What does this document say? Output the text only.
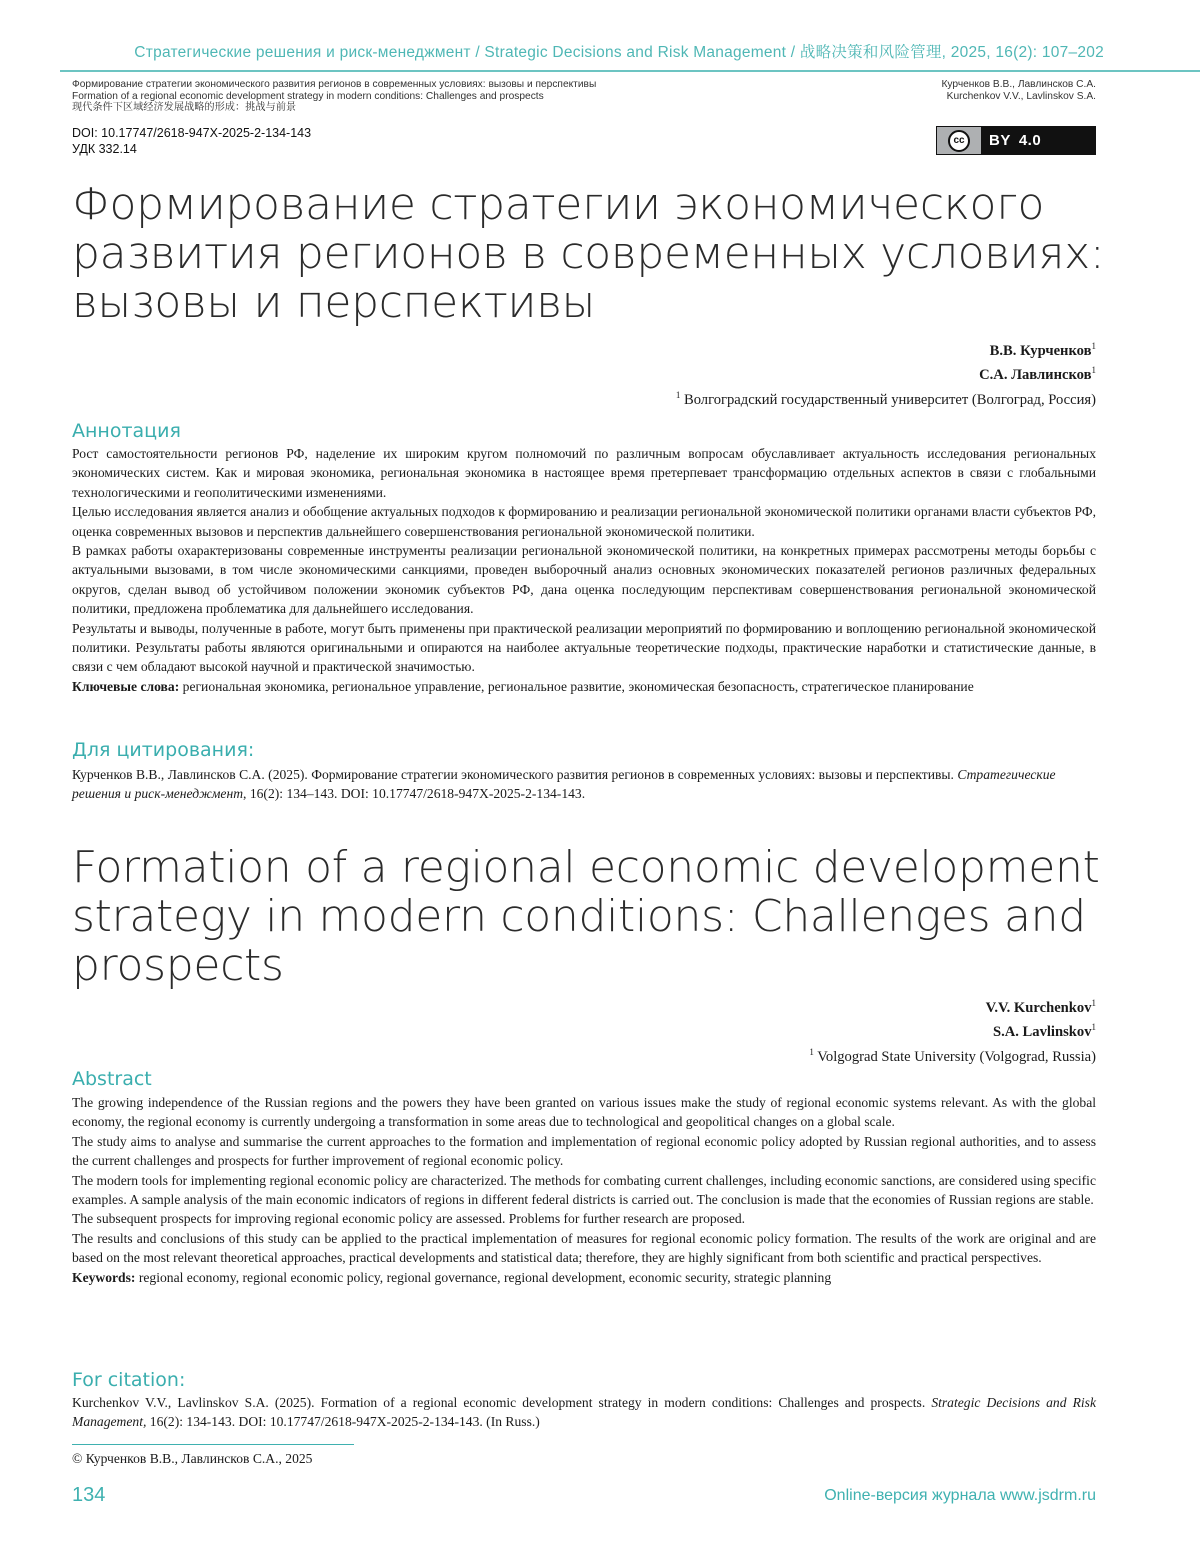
Стратегические решения и риск-менеджмент / Strategic Decisions and Risk Management / 战略决策和风险管理, 2025, 16(2): 107–202
Формирование стратегии экономического развития регионов в современных условиях: вызовы и перспективы
Formation of a regional economic development strategy in modern conditions: Challenges and prospects
现代条件下区域经济发展战略的形成：挑战与前景
Курченков В.В., Лавлинсков С.А.
Kurchenkov V.V., Lavlinskov S.A.
DOI: 10.17747/2618-947X-2025-2-134-143
УДК 332.14
cc	BY 4.0
Формирование стратегии экономического развития регионов в современных условиях: вызовы и перспективы
В.В. Курченков$^1$
С.А. Лавлинсков$^1$
$^1$ Волгоградский государственный университет (Волгоград, Россия)
Аннотация

Рост самостоятельности регионов РФ, наделение их широким кругом полномочий по различным вопросам обуславливает актуальность исследования региональных экономических систем. Как и мировая экономика, региональная экономика в настоящее время претерпевает трансформацию отдельных аспектов в связи с глобальными технологическими и геополитическими изменениями.

Целью исследования является анализ и обобщение актуальных подходов к формированию и реализации региональной экономической политики органами власти субъектов РФ, оценка современных вызовов и перспектив дальнейшего совершенствования региональной экономической политики.

В рамках работы охарактеризованы современные инструменты реализации региональной экономической политики, на конкретных примерах рассмотрены методы борьбы с актуальными вызовами, в том числе экономическими санкциями, проведен выборочный анализ основных экономических показателей регионов различных федеральных округов, сделан вывод об устойчивом положении экономик субъектов РФ, дана оценка последующим перспективам совершенствования региональной экономической политики, предложена проблематика для дальнейшего исследования.

Результаты и выводы, полученные в работе, могут быть применены при практической реализации мероприятий по формированию и воплощению региональной экономической политики. Результаты работы являются оригинальными и опираются на наиболее актуальные теоретические подходы, практические наработки и статистические данные, в связи с чем обладают высокой научной и практической значимостью.

Ключевые слова: региональная экономика, региональное управление, региональное развитие, экономическая безопасность, стратегическое планирование

Для цитирования:

Курченков В.В., Лавлинсков С.А. (2025). Формирование стратегии экономического развития регионов в современных условиях: вызовы и перспективы. Стратегические решения и риск-менеджмент, 16(2): 134–143. DOI: 10.17747/2618-947X-2025-2-134-143.

Formation of a regional economic development strategy in modern conditions: Challenges and prospects
V.V. Kurchenkov$^1$
S.A. Lavlinskov$^1$
$^1$ Volgograd State University (Volgograd, Russia)
Abstract

The growing independence of the Russian regions and the powers they have been granted on various issues make the study of regional economic systems relevant. As with the global economy, the regional economy is currently undergoing a transformation in some areas due to technological and geopolitical changes on a global scale.

The study aims to analyse and summarise the current approaches to the formation and implementation of regional economic policy adopted by Russian regional authorities, and to assess the current challenges and prospects for further improvement of regional economic policy.

The modern tools for implementing regional economic policy are characterized. The methods for combating current challenges, including economic sanctions, are considered using specific examples. A sample analysis of the main economic indicators of regions in different federal districts is carried out. The conclusion is made that the economies of Russian regions are stable.

The subsequent prospects for improving regional economic policy are assessed. Problems for further research are proposed.

The results and conclusions of this study can be applied to the practical implementation of measures for regional economic policy formation. The results of the work are original and are based on the most relevant theoretical approaches, practical developments and statistical data; therefore, they are highly significant from both scientific and practical perspectives.

Keywords: regional economy, regional economic policy, regional governance, regional development, economic security, strategic planning

For citation:

Kurchenkov V.V., Lavlinskov S.A. (2025). Formation of a regional economic development strategy in modern conditions: Challenges and prospects. Strategic Decisions and Risk Management, 16(2): 134-143. DOI: 10.17747/2618-947X-2025-2-134-143. (In Russ.)

© Курченков В.В., Лавлинсков С.А., 2025
134	Online-версия журнала www.jsdrm.ru
